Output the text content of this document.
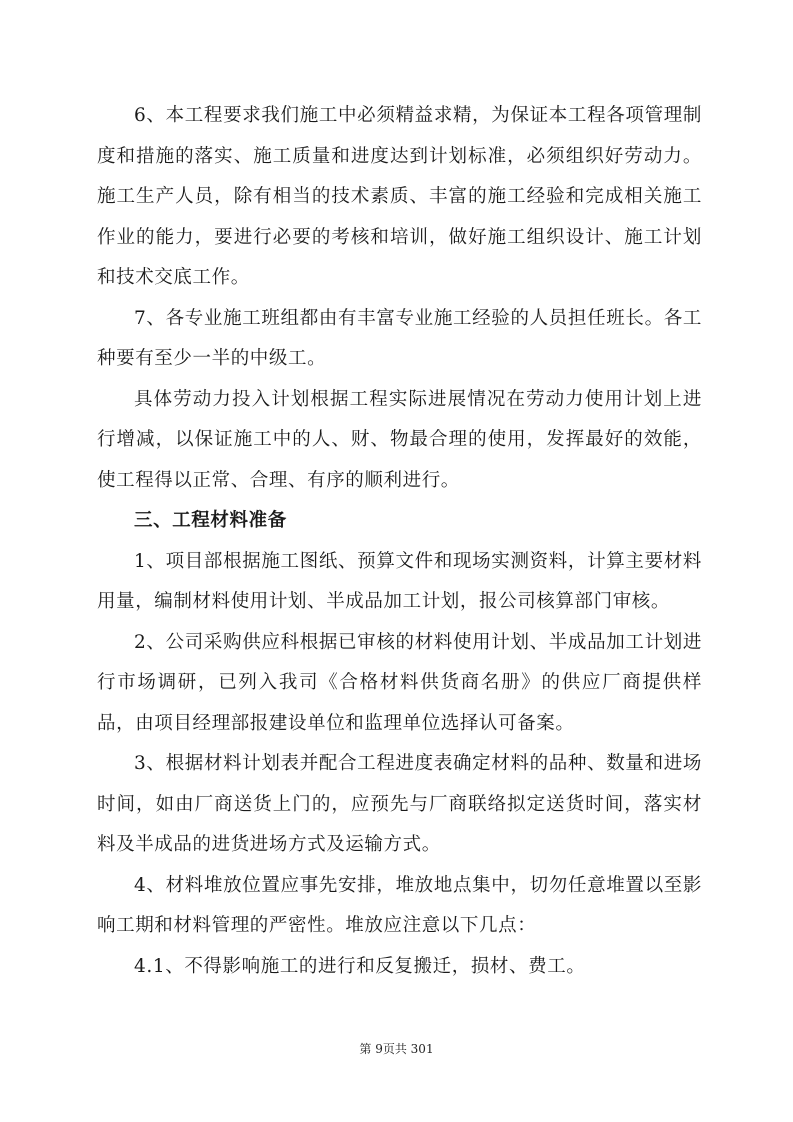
6、本工程要求我们施工中必须精益求精，为保证本工程各项管理制度和措施的落实、施工质量和进度达到计划标准，必须组织好劳动力。施工生产人员，除有相当的技术素质、丰富的施工经验和完成相关施工作业的能力，要进行必要的考核和培训，做好施工组织设计、施工计划和技术交底工作。

7、各专业施工班组都由有丰富专业施工经验的人员担任班长。各工种要有至少一半的中级工。

具体劳动力投入计划根据工程实际进展情况在劳动力使用计划上进行增减，以保证施工中的人、财、物最合理的使用，发挥最好的效能，使工程得以正常、合理、有序的顺利进行。

三、工程材料准备

1、项目部根据施工图纸、预算文件和现场实测资料，计算主要材料用量，编制材料使用计划、半成品加工计划，报公司核算部门审核。

2、公司采购供应科根据已审核的材料使用计划、半成品加工计划进行市场调研，已列入我司《合格材料供货商名册》的供应厂商提供样品，由项目经理部报建设单位和监理单位选择认可备案。

3、根据材料计划表并配合工程进度表确定材料的品种、数量和进场时间，如由厂商送货上门的，应预先与厂商联络拟定送货时间，落实材料及半成品的进货进场方式及运输方式。

4、材料堆放位置应事先安排，堆放地点集中，切勿任意堆置以至影响工期和材料管理的严密性。堆放应注意以下几点：

4.1、不得影响施工的进行和反复搬迁，损材、费工。

第 9页共 301
